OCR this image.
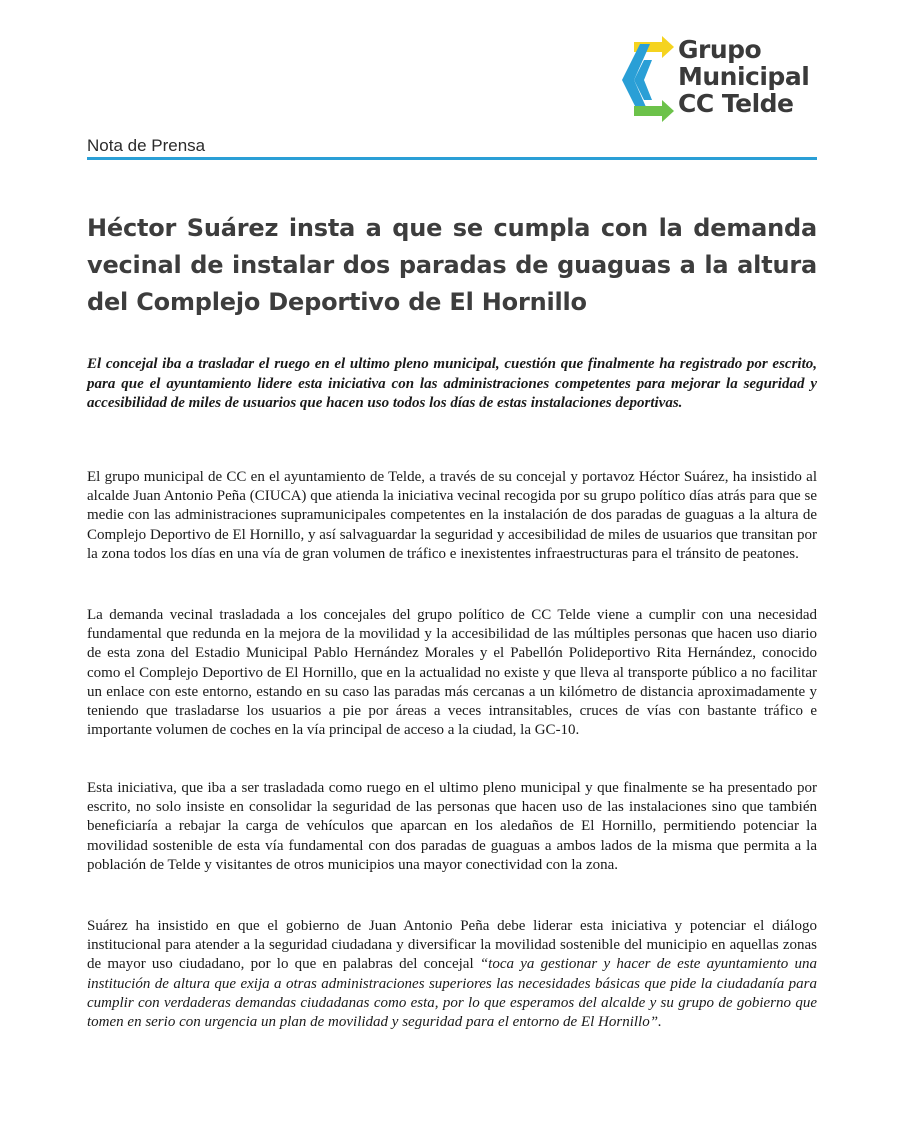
Grupo
Municipal
CC Telde
Nota de Prensa
Héctor Suárez insta a que se cumpla con la demanda vecinal de instalar dos paradas de guaguas a la altura del Complejo Deportivo de El Hornillo

El concejal iba a trasladar el ruego en el ultimo pleno municipal, cuestión que finalmente ha registrado por escrito, para que el ayuntamiento lidere esta iniciativa con las administraciones competentes para mejorar la seguridad y accesibilidad de miles de usuarios que hacen uso todos los días de estas instalaciones deportivas.

El grupo municipal de CC en el ayuntamiento de Telde, a través de su concejal y portavoz Héctor Suárez, ha insistido al alcalde Juan Antonio Peña (CIUCA) que atienda la iniciativa vecinal recogida por su grupo político días atrás para que se medie con las administraciones supramunicipales competentes en la instalación de dos paradas de guaguas a la altura de Complejo Deportivo de El Hornillo, y así salvaguardar la seguridad y accesibilidad de miles de usuarios que transitan por la zona todos los días en una vía de gran volumen de tráfico e inexistentes infraestructuras para el tránsito de peatones.

La demanda vecinal trasladada a los concejales del grupo político de CC Telde viene a cumplir con una necesidad fundamental que redunda en la mejora de la movilidad y la accesibilidad de las múltiples personas que hacen uso diario de esta zona del Estadio Municipal Pablo Hernández Morales y el Pabellón Polideportivo Rita Hernández, conocido como el Complejo Deportivo de El Hornillo, que en la actualidad no existe y que lleva al transporte público a no facilitar un enlace con este entorno, estando en su caso las paradas más cercanas a un kilómetro de distancia aproximadamente y teniendo que trasladarse los usuarios a pie por áreas a veces intransitables, cruces de vías con bastante tráfico e importante volumen de coches en la vía principal de acceso a la ciudad, la GC-10.

Esta iniciativa, que iba a ser trasladada como ruego en el ultimo pleno municipal y que finalmente se ha presentado por escrito, no solo insiste en consolidar la seguridad de las personas que hacen uso de las instalaciones sino que también beneficiaría a rebajar la carga de vehículos que aparcan en los aledaños de El Hornillo, permitiendo potenciar la movilidad sostenible de esta vía fundamental con dos paradas de guaguas a ambos lados de la misma que permita a la población de Telde y visitantes de otros municipios una mayor conectividad con la zona.

Suárez ha insistido en que el gobierno de Juan Antonio Peña debe liderar esta iniciativa y potenciar el diálogo institucional para atender a la seguridad ciudadana y diversificar la movilidad sostenible del municipio en aquellas zonas de mayor uso ciudadano, por lo que en palabras del concejal “toca ya gestionar y hacer de este ayuntamiento una institución de altura que exija a otras administraciones superiores las necesidades básicas que pide la ciudadanía para cumplir con verdaderas demandas ciudadanas como esta, por lo que esperamos del alcalde y su grupo de gobierno que tomen en serio con urgencia un plan de movilidad y seguridad para el entorno de El Hornillo”.
